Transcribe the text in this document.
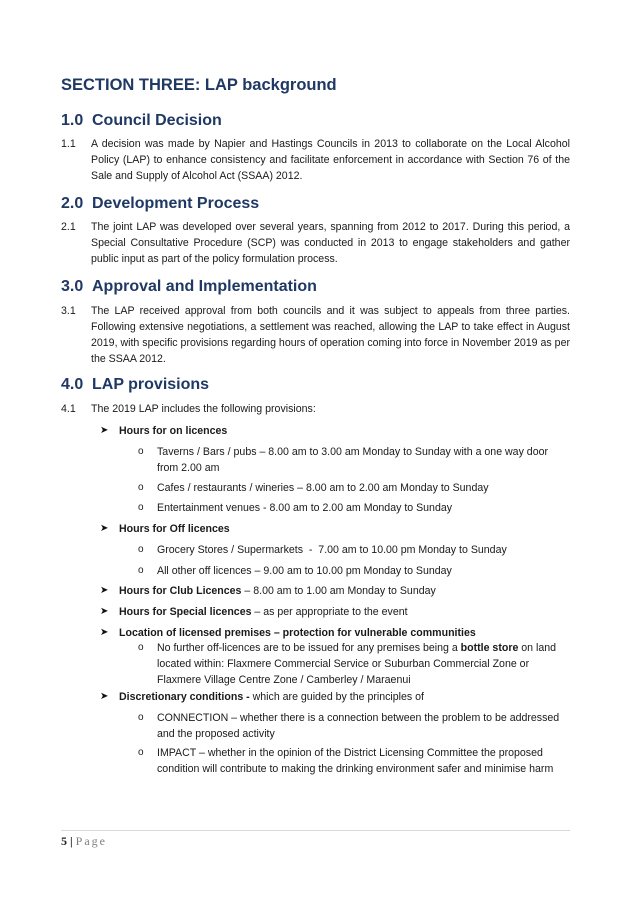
SECTION THREE: LAP background
1.0 Council Decision
1.1 A decision was made by Napier and Hastings Councils in 2013 to collaborate on the Local Alcohol Policy (LAP) to enhance consistency and facilitate enforcement in accordance with Section 76 of the Sale and Supply of Alcohol Act (SSAA) 2012.
2.0 Development Process
2.1 The joint LAP was developed over several years, spanning from 2012 to 2017. During this period, a Special Consultative Procedure (SCP) was conducted in 2013 to engage stakeholders and gather public input as part of the policy formulation process.
3.0 Approval and Implementation
3.1 The LAP received approval from both councils and it was subject to appeals from three parties. Following extensive negotiations, a settlement was reached, allowing the LAP to take effect in August 2019, with specific provisions regarding hours of operation coming into force in November 2019 as per the SSAA 2012.
4.0 LAP provisions
4.1 The 2019 LAP includes the following provisions:
➤ Hours for on licences
o Taverns / Bars / pubs – 8.00 am to 3.00 am Monday to Sunday with a one way door from 2.00 am
o Cafes / restaurants / wineries – 8.00 am to 2.00 am Monday to Sunday
o Entertainment venues - 8.00 am to 2.00 am Monday to Sunday
➤ Hours for Off licences
o Grocery Stores / Supermarkets  -  7.00 am to 10.00 pm Monday to Sunday
o All other off licences – 9.00 am to 10.00 pm Monday to Sunday
➤ Hours for Club Licences – 8.00 am to 1.00 am Monday to Sunday
➤ Hours for Special licences – as per appropriate to the event
➤ Location of licensed premises – protection for vulnerable communities
o No further off-licences are to be issued for any premises being a bottle store on land located within: Flaxmere Commercial Service or Suburban Commercial Zone or Flaxmere Village Centre Zone / Camberley / Maraenui
➤ Discretionary conditions - which are guided by the principles of
o CONNECTION – whether there is a connection between the problem to be addressed and the proposed activity
o IMPACT – whether in the opinion of the District Licensing Committee the proposed condition will contribute to making the drinking environment safer and minimise harm
5 | Page
